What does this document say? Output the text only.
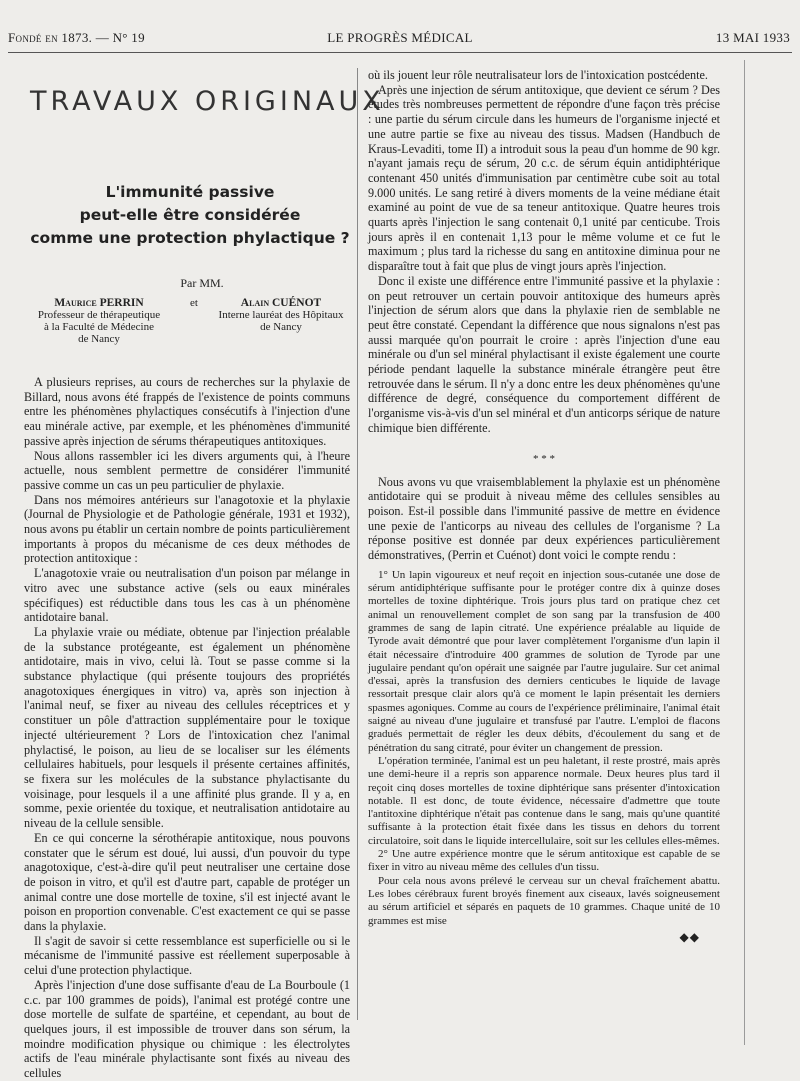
Fondé en 1873. — N° 19	LE PROGRÈS MÉDICAL	13 MAI 1933
TRAVAUX ORIGINAUX
L'immunité passive
peut-elle être considérée
comme une protection phylactique ?
Par MM.
Maurice PERRIN
Professeur de thérapeutique
à la Faculté de Médecine
de Nancy
et	Alain CUÉNOT
Interne lauréat des Hôpitaux
de Nancy

A plusieurs reprises, au cours de recherches sur la phylaxie de Billard, nous avons été frappés de l'existence de points communs entre les phénomènes phylactiques consécutifs à l'injection d'une eau minérale active, par exemple, et les phénomènes d'immunité passive après injection de sérums thérapeutiques antitoxiques.

Nous allons rassembler ici les divers arguments qui, à l'heure actuelle, nous semblent permettre de considérer l'immunité passive comme un cas un peu particulier de phylaxie.

Dans nos mémoires antérieurs sur l'anagotoxie et la phylaxie (Journal de Physiologie et de Pathologie générale, 1931 et 1932), nous avons pu établir un certain nombre de points particulièrement importants à propos du mécanisme de ces deux méthodes de protection antitoxique :

L'anagotoxie vraie ou neutralisation d'un poison par mélange in vitro avec une substance active (sels ou eaux minérales spécifiques) est réductible dans tous les cas à un phénomène antidotaire banal.

La phylaxie vraie ou médiate, obtenue par l'injection préalable de la substance protégeante, est également un phénomène antidotaire, mais in vivo, celui là. Tout se passe comme si la substance phylactique (qui présente toujours des propriétés anagotoxiques énergiques in vitro) va, après son injection à l'animal neuf, se fixer au niveau des cellules réceptrices et y constituer un pôle d'attraction supplémentaire pour le toxique injecté ultérieurement ? Lors de l'intoxication chez l'animal phylactisé, le poison, au lieu de se localiser sur les éléments cellulaires habituels, pour lesquels il présente certaines affinités, se fixera sur les molécules de la substance phylactisante du voisinage, pour lesquels il a une affinité plus grande. Il y a, en somme, pexie orientée du toxique, et neutralisation antidotaire au niveau de la cellule sensible.

En ce qui concerne la sérothérapie antitoxique, nous pouvons constater que le sérum est doué, lui aussi, d'un pouvoir du type anagotoxique, c'est-à-dire qu'il peut neutraliser une certaine dose de poison in vitro, et qu'il est d'autre part, capable de protéger un animal contre une dose mortelle de toxine, s'il est injecté avant le poison en proportion convenable. C'est exactement ce qui se passe dans la phylaxie.

Il s'agit de savoir si cette ressemblance est superficielle ou si le mécanisme de l'immunité passive est réellement superposable à celui d'une protection phylactique.

Après l'injection d'une dose suffisante d'eau de La Bourboule (1 c.c. par 100 grammes de poids), l'animal est protégé contre une dose mortelle de sulfate de spartéine, et cependant, au bout de quelques jours, il est impossible de trouver dans son sérum, la moindre modification physique ou chimique : les électrolytes actifs de l'eau minérale phylactisante sont fixés au niveau des cellules

où ils jouent leur rôle neutralisateur lors de l'intoxication postcédente.

Après une injection de sérum antitoxique, que devient ce sérum ? Des études très nombreuses permettent de répondre d'une façon très précise : une partie du sérum circule dans les humeurs de l'organisme injecté et une autre partie se fixe au niveau des tissus. Madsen (Handbuch de Kraus-Levaditi, tome II) a introduit sous la peau d'un homme de 90 kgr. n'ayant jamais reçu de sérum, 20 c.c. de sérum équin antidiphtérique contenant 450 unités d'immunisation par centimètre cube soit au total 9.000 unités. Le sang retiré à divers moments de la veine médiane était examiné au point de vue de sa teneur antitoxique. Quatre heures trois quarts après l'injection le sang contenait 0,1 unité par centicube. Trois jours après il en contenait 1,13 pour le même volume et ce fut le maximum ; plus tard la richesse du sang en antitoxine diminua pour ne disparaître tout à fait que plus de vingt jours après l'injection.

Donc il existe une différence entre l'immunité passive et la phylaxie : on peut retrouver un certain pouvoir antitoxique des humeurs après l'injection de sérum alors que dans la phylaxie rien de semblable ne peut être constaté. Cependant la différence que nous signalons n'est pas aussi marquée qu'on pourrait le croire : après l'injection d'une eau minérale ou d'un sel minéral phylactisant il existe également une courte période pendant laquelle la substance minérale étrangère peut être retrouvée dans le sérum. Il n'y a donc entre les deux phénomènes qu'une différence de degré, conséquence du comportement différent de l'organisme vis-à-vis d'un sel minéral et d'un anticorps sérique de nature chimique bien différente.

* * *

Nous avons vu que vraisemblablement la phylaxie est un phénomène antidotaire qui se produit à niveau même des cellules sensibles au poison. Est-il possible dans l'immunité passive de mettre en évidence une pexie de l'anticorps au niveau des cellules de l'organisme ? La réponse positive est donnée par deux expériences particulièrement démonstratives, (Perrin et Cuénot) dont voici le compte rendu :

1° Un lapin vigoureux et neuf reçoit en injection sous-cutanée une dose de sérum antidiphtérique suffisante pour le protéger contre dix à quinze doses mortelles de toxine diphtérique. Trois jours plus tard on pratique chez cet animal un renouvellement complet de son sang par la transfusion de 400 grammes de sang de lapin citraté. Une expérience préalable au liquide de Tyrode avait démontré que pour laver complètement l'organisme d'un lapin il était nécessaire d'introduire 400 grammes de solution de Tyrode par une jugulaire pendant qu'on opérait une saignée par l'autre jugulaire. Sur cet animal d'essai, après la transfusion des derniers centicubes le liquide de lavage ressortait presque clair alors qu'à ce moment le lapin présentait les derniers spasmes agoniques. Comme au cours de l'expérience préliminaire, l'animal était saigné au niveau d'une jugulaire et transfusé par l'autre. L'emploi de flacons gradués permettait de régler les deux débits, d'écoulement du sang et de pénétration du sang citraté, pour éviter un changement de pression.

L'opération terminée, l'animal est un peu haletant, il reste prostré, mais après une demi-heure il a repris son apparence normale. Deux heures plus tard il reçoit cinq doses mortelles de toxine diphtérique sans présenter d'intoxication notable. Il est donc, de toute évidence, nécessaire d'admettre que toute l'antitoxine diphtérique n'était pas contenue dans le sang, mais qu'une quantité suffisante à la protection était fixée dans les tissus en dehors du torrent circulatoire, soit dans le liquide intercellulaire, soit sur les cellules elles-mêmes.

2° Une autre expérience montre que le sérum antitoxique est capable de se fixer in vitro au niveau même des cellules d'un tissu.

Pour cela nous avons prélevé le cerveau sur un cheval fraîchement abattu. Les lobes cérébraux furent broyés finement aux ciseaux, lavés soigneusement au sérum artificiel et séparés en paquets de 10 grammes. Chaque unité de 10 grammes est mise

◆◆
